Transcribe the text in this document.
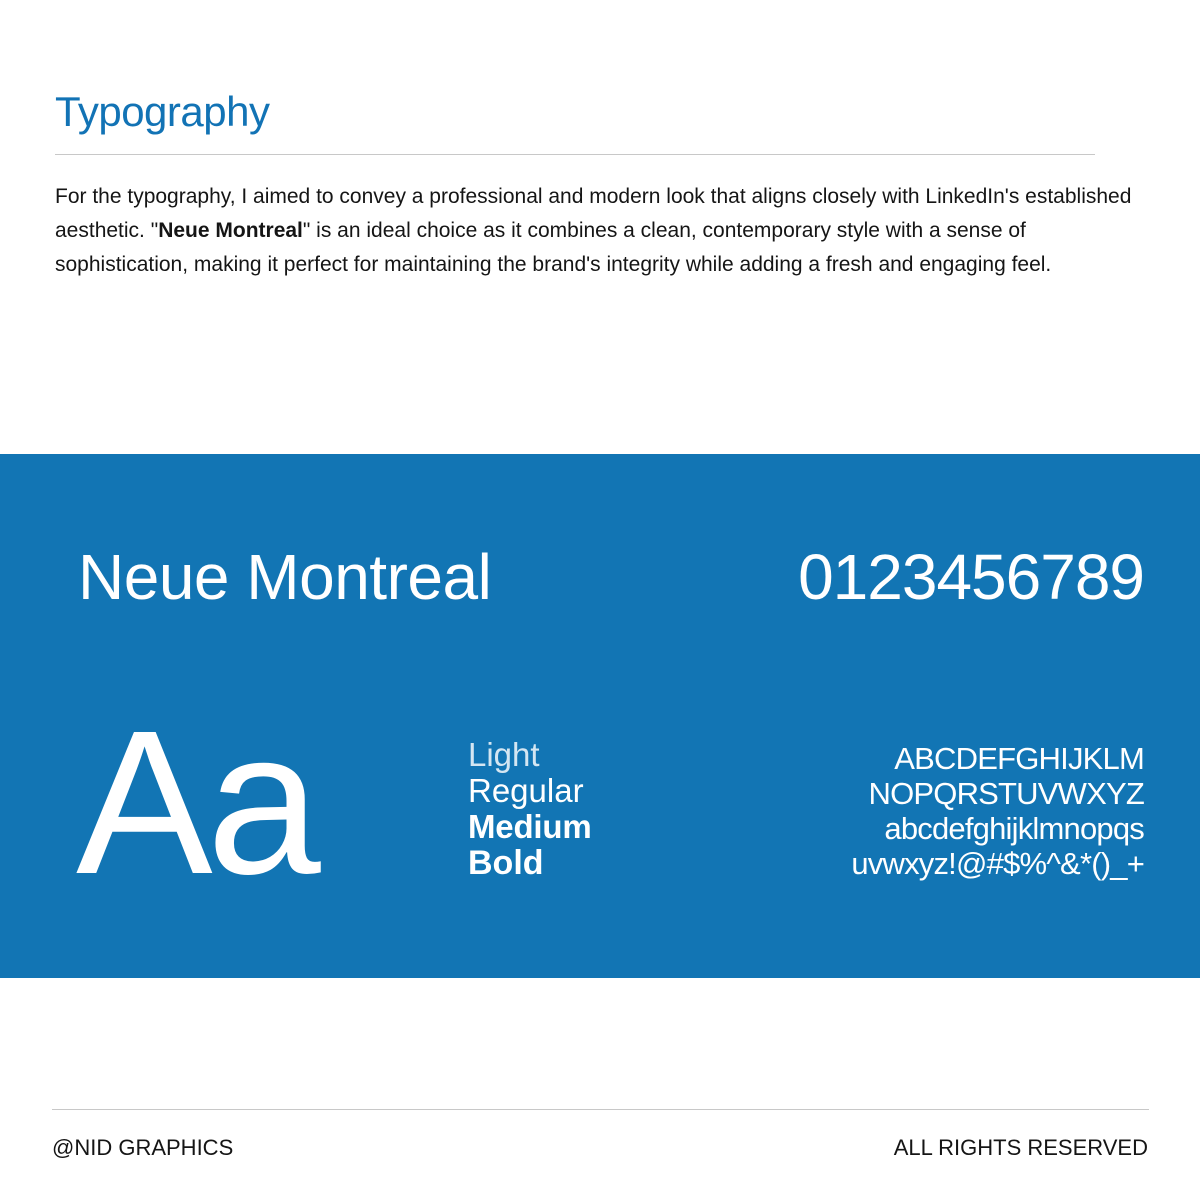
Typography

For the typography, I aimed to convey a professional and modern look that aligns closely with LinkedIn's established aesthetic. "Neue Montreal" is an ideal choice as it combines a clean, contemporary style with a sense of sophistication, making it perfect for maintaining the brand's integrity while adding a fresh and engaging feel.

Neue Montreal	0123456789
Aa	Light
Regular
Medium
Bold
ABCDEFGHIJKLM
NOPQRSTUVWXYZ
abcdefghijklmnopqs
uvwxyz!@#$%^&*()_+
@NID GRAPHICS	ALL RIGHTS RESERVED
